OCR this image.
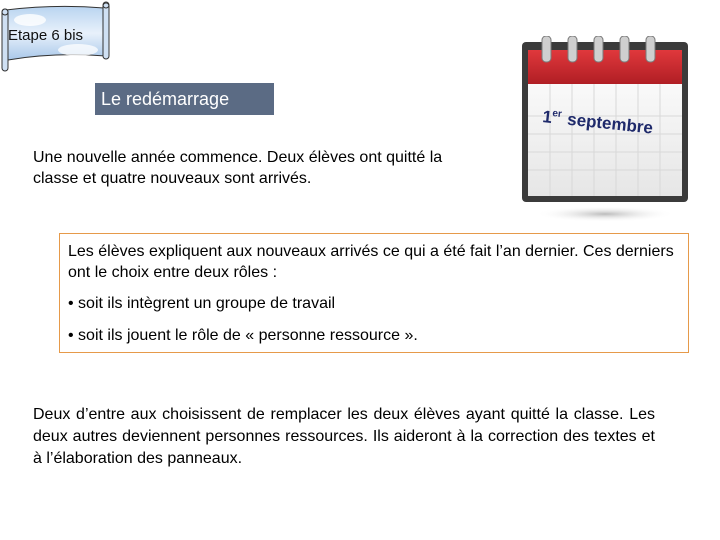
Etape 6 bis
Le redémarrage
Une nouvelle année commence. Deux élèves ont quitté la classe et quatre nouveaux sont arrivés.
1er septembre

Les élèves expliquent aux nouveaux arrivés ce qui a été fait l’an dernier. Ces derniers ont le choix entre deux rôles :

• soit ils intègrent un groupe de travail

• soit ils jouent le rôle de « personne ressource ».

Deux d’entre aux choisissent de remplacer les deux élèves ayant quitté la classe. Les deux autres deviennent personnes ressources. Ils aideront à la correction des textes et à l’élaboration des panneaux.
